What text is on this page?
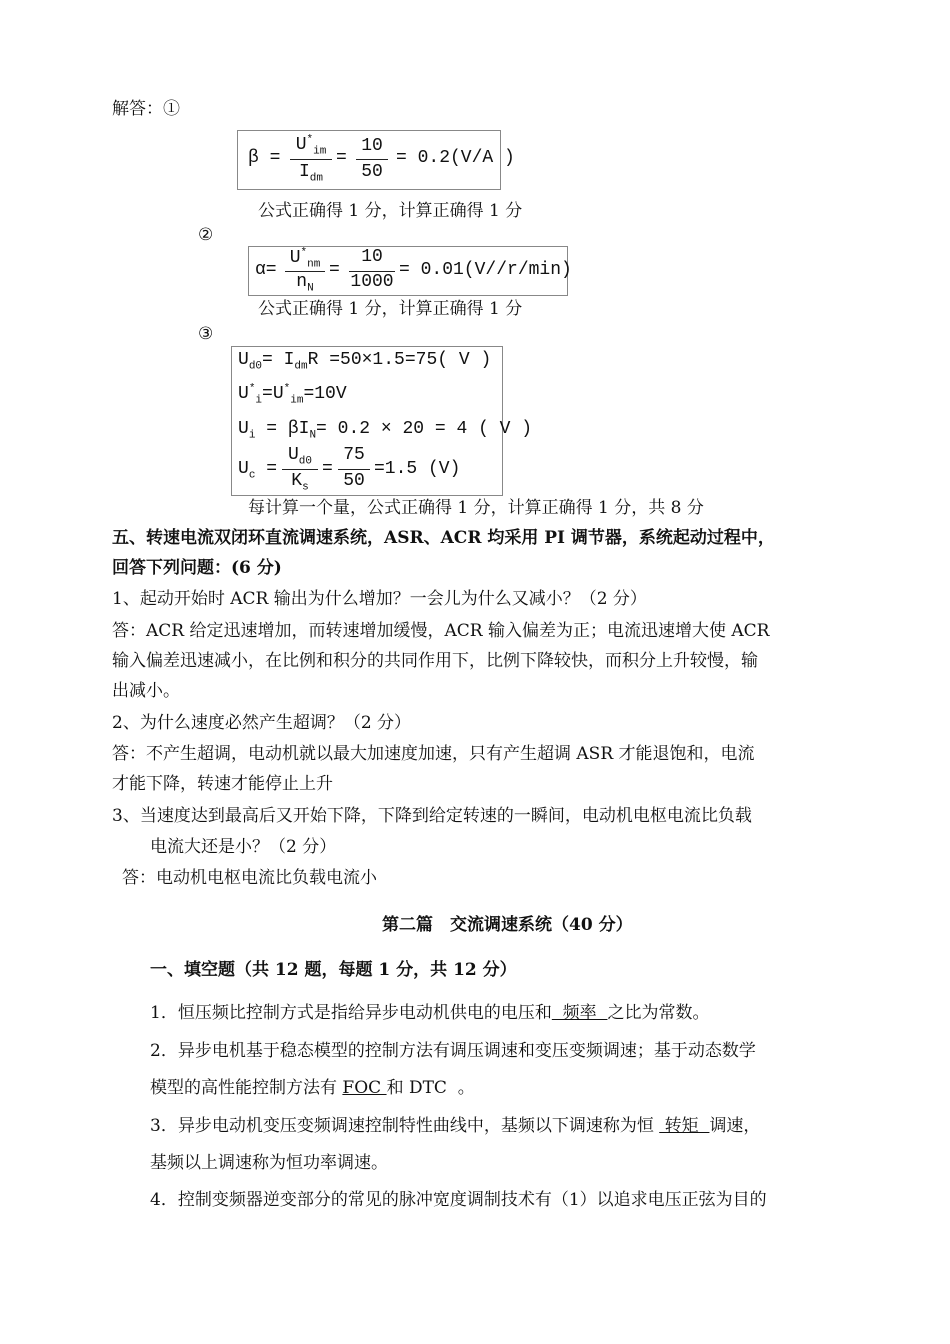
解答：①
β =
$U^*_{im}$
$I_{dm}$
=
10
50
= 0.2(V/A )
公式正确得 1 分，计算正确得 1 分
②
α=
$U^*_{nm}$
$n_N$
=
10
1000
= 0.01(V//r/min)
公式正确得 1 分，计算正确得 1 分
③
$U_{d0}= I_{dm}R =50\times 1.5=75$( V )
$U^*_i=U^*_{im}=10V$
$U_i = \beta I_N= 0.2 \times 20 = 4$ ( V )
$U_c$ =
$U_{d0}$
$K_s$
=
75
50
=1.5 (V)
每计算一个量，公式正确得 1 分，计算正确得 1 分，共 8 分
五、转速电流双闭环直流调速系统，ASR、ACR 均采用 PI 调节器，系统起动过程中，
回答下列问题：(6 分)
1、起动开始时 ACR 输出为什么增加？一会儿为什么又减小？（2 分）
答：ACR 给定迅速增加，而转速增加缓慢，ACR 输入偏差为正；电流迅速增大使 ACR
输入偏差迅速减小，在比例和积分的共同作用下，比例下降较快，而积分上升较慢，输
出减小。
2、为什么速度必然产生超调？（2 分）
答：不产生超调，电动机就以最大加速度加速，只有产生超调 ASR 才能退饱和，电流
才能下降，转速才能停止上升
3、当速度达到最高后又开始下降，下降到给定转速的一瞬间，电动机电枢电流比负载
电流大还是小？（2 分）
答：电动机电枢电流比负载电流小
第二篇　交流调速系统（40 分）
一、填空题（共 12 题，每题 1 分，共 12 分）
1．恒压频比控制方式是指给异步电动机供电的电压和  频率  之比为常数。
2．异步电机基于稳态模型的控制方法有调压调速和变压变频调速；基于动态数学
模型的高性能控制方法有 FOC 和 DTC  。
3．异步电动机变压变频调速控制特性曲线中，基频以下调速称为恒  转矩  调速，
基频以上调速称为恒功率调速。
4．控制变频器逆变部分的常见的脉冲宽度调制技术有（1）以追求电压正弦为目的
